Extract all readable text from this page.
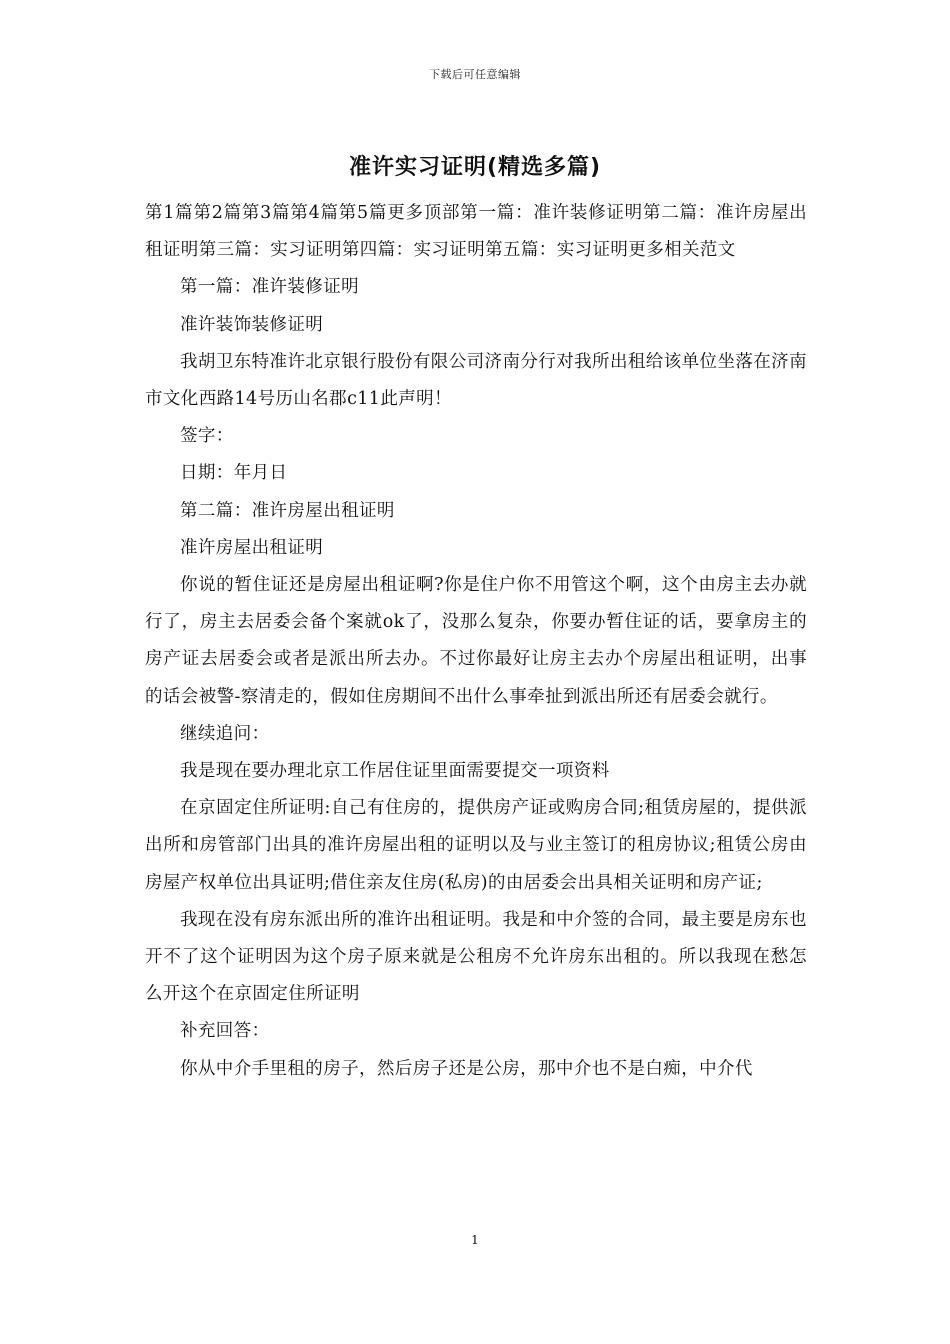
下载后可任意编辑
准许实习证明(精选多篇)

第1篇第2篇第3篇第4篇第5篇更多顶部第一篇：准许装修证明第二篇：准许房屋出租证明第三篇：实习证明第四篇：实习证明第五篇：实习证明更多相关范文

第一篇：准许装修证明

准许装饰装修证明

我胡卫东特准许北京银行股份有限公司济南分行对我所出租给该单位坐落在济南市文化西路14号历山名郡c11此声明！

签字：

日期：年月日

第二篇：准许房屋出租证明

准许房屋出租证明

你说的暂住证还是房屋出租证啊?你是住户你不用管这个啊，这个由房主去办就行了，房主去居委会备个案就ok了，没那么复杂，你要办暂住证的话，要拿房主的房产证去居委会或者是派出所去办。不过你最好让房主去办个房屋出租证明，出事的话会被警-察清走的，假如住房期间不出什么事牵扯到派出所还有居委会就行。

继续追问：

我是现在要办理北京工作居住证里面需要提交一项资料

在京固定住所证明:自己有住房的，提供房产证或购房合同;租赁房屋的，提供派出所和房管部门出具的准许房屋出租的证明以及与业主签订的租房协议;租赁公房由房屋产权单位出具证明;借住亲友住房(私房)的由居委会出具相关证明和房产证;

我现在没有房东派出所的准许出租证明。我是和中介签的合同，最主要是房东也开不了这个证明因为这个房子原来就是公租房不允许房东出租的。所以我现在愁怎么开这个在京固定住所证明

补充回答：

你从中介手里租的房子，然后房子还是公房，那中介也不是白痴，中介代

1
